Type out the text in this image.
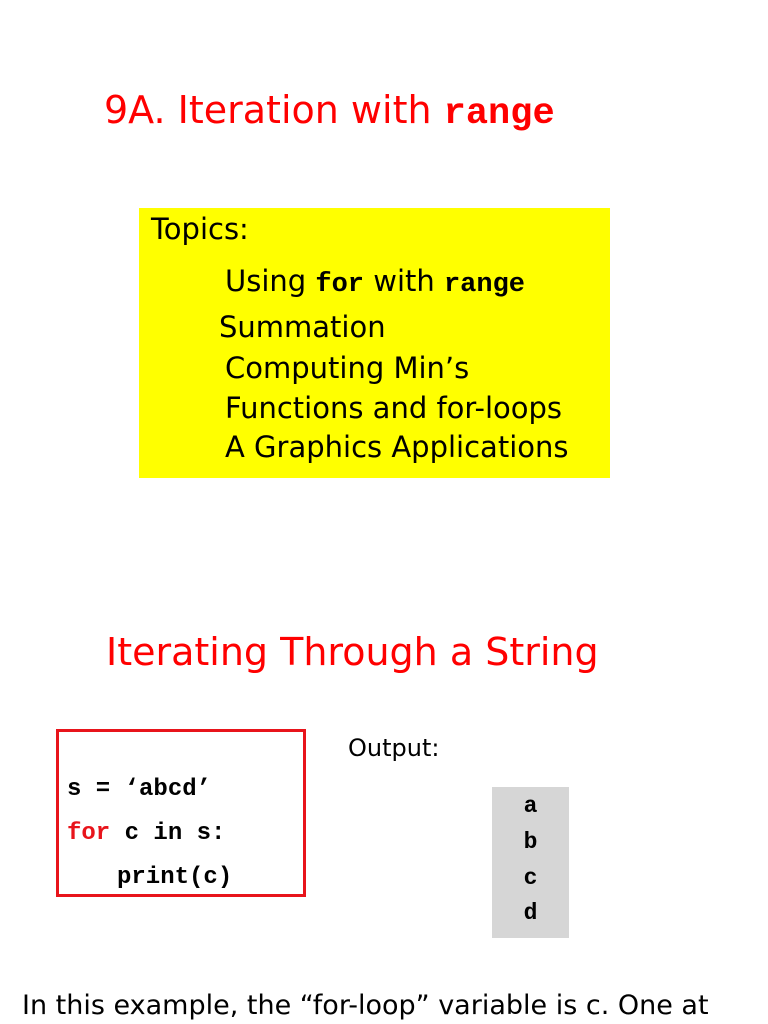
9A. Iteration with range
Topics:
Using for with range
Summation
Computing Min’s
Functions and for-loops
A Graphics Applications
Iterating Through a String
s = ‘abcd’
for c in s:
print(c)
Output:
a
b
c
d
In this example, the “for-loop” variable is c. One at
